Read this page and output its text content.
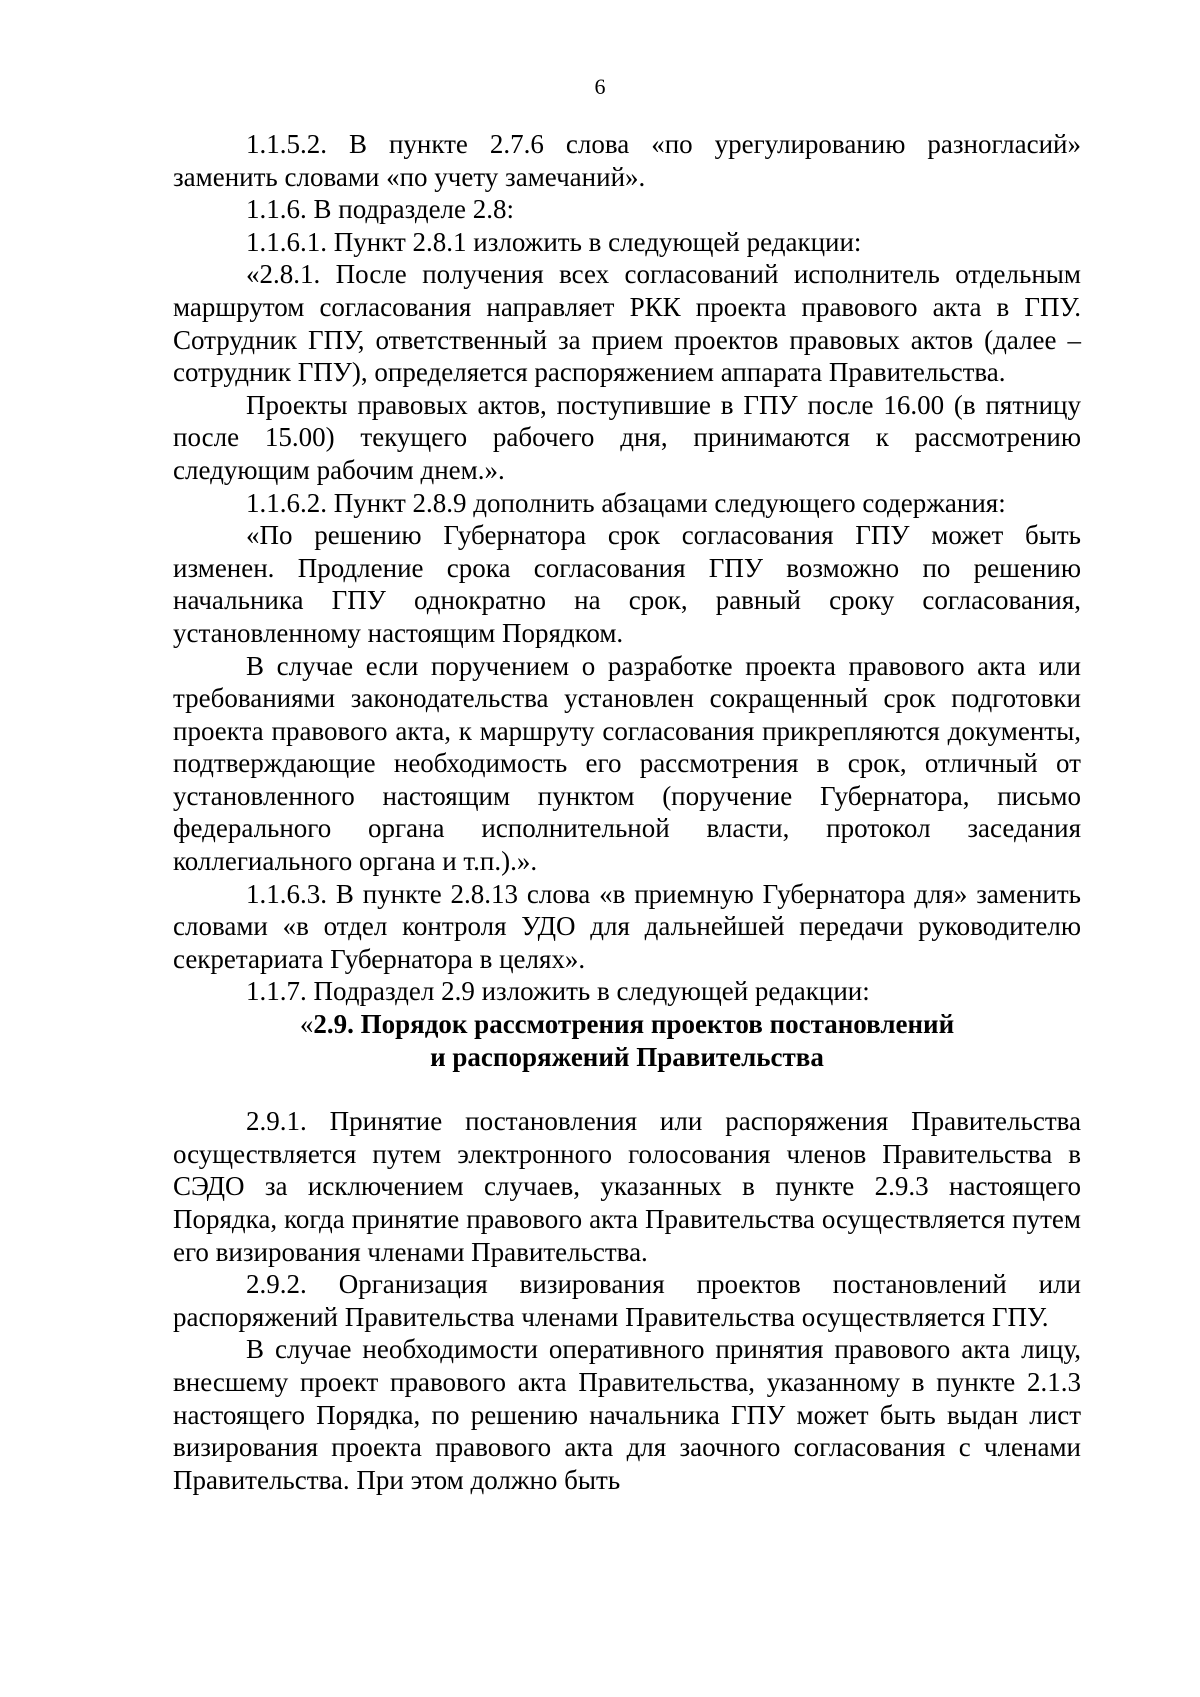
6

1.1.5.2. В пункте 2.7.6 слова «по урегулированию разногласий» заменить словами «по учету замечаний».

1.1.6. В подразделе 2.8:

1.1.6.1. Пункт 2.8.1 изложить в следующей редакции:

«2.8.1. После получения всех согласований исполнитель отдельным маршрутом согласования направляет РКК проекта правового акта в ГПУ. Сотрудник ГПУ, ответственный за прием проектов правовых актов (далее – сотрудник ГПУ), определяется распоряжением аппарата Правительства.

Проекты правовых актов, поступившие в ГПУ после 16.00 (в пятницу после 15.00) текущего рабочего дня, принимаются к рассмотрению следующим рабочим днем.».

1.1.6.2. Пункт 2.8.9 дополнить абзацами следующего содержания:

«По решению Губернатора срок согласования ГПУ может быть изменен. Продление срока согласования ГПУ возможно по решению начальника ГПУ однократно на срок, равный сроку согласования, установленному настоящим Порядком.

В случае если поручением о разработке проекта правового акта или требованиями законодательства установлен сокращенный срок подготовки проекта правового акта, к маршруту согласования прикрепляются документы, подтверждающие необходимость его рассмотрения в срок, отличный от установленного настоящим пунктом (поручение Губернатора, письмо федерального органа исполнительной власти, протокол заседания коллегиального органа и т.п.).».

1.1.6.3. В пункте 2.8.13 слова «в приемную Губернатора для» заменить словами «в отдел контроля УДО для дальнейшей передачи руководителю секретариата Губернатора в целях».

1.1.7. Подраздел 2.9 изложить в следующей редакции:

«2.9. Порядок рассмотрения проектов постановлений
и распоряжений Правительства

2.9.1. Принятие постановления или распоряжения Правительства осуществляется путем электронного голосования членов Правительства в СЭДО за исключением случаев, указанных в пункте 2.9.3 настоящего Порядка, когда принятие правового акта Правительства осуществляется путем его визирования членами Правительства.

2.9.2. Организация визирования проектов постановлений или распоряжений Правительства членами Правительства осуществляется ГПУ.

В случае необходимости оперативного принятия правового акта лицу, внесшему проект правового акта Правительства, указанному в пункте 2.1.3 настоящего Порядка, по решению начальника ГПУ может быть выдан лист визирования проекта правового акта для заочного согласования с членами Правительства. При этом должно быть
